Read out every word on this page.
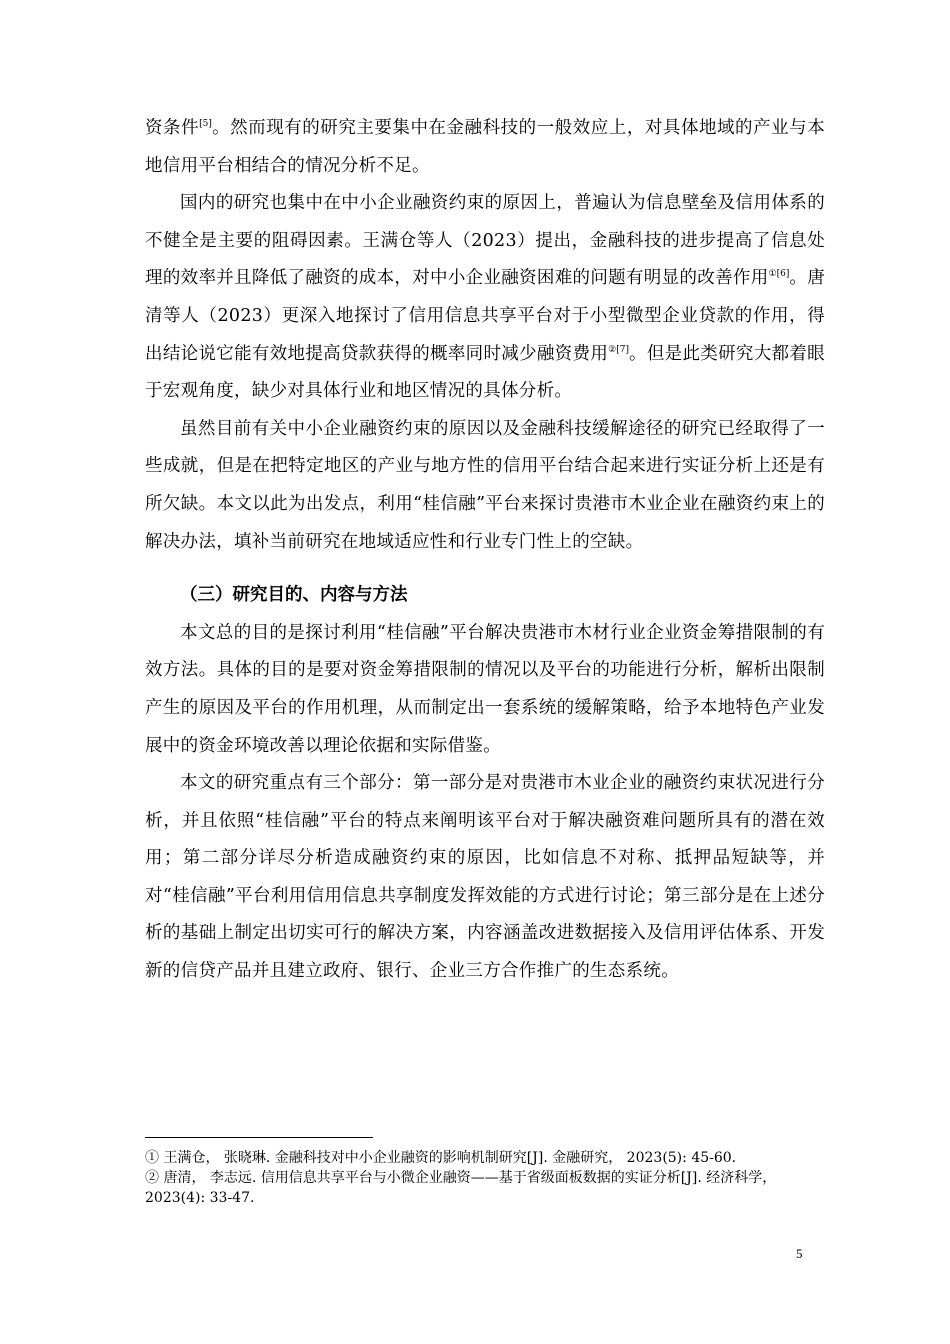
资条件[5]。然而现有的研究主要集中在金融科技的一般效应上，对具体地域的产业与本地信用平台相结合的情况分析不足。

国内的研究也集中在中小企业融资约束的原因上，普遍认为信息壁垒及信用体系的不健全是主要的阻碍因素。王满仓等人（2023）提出，金融科技的进步提高了信息处理的效率并且降低了融资的成本，对中小企业融资困难的问题有明显的改善作用$^{①[6]}$。唐清等人（2023）更深入地探讨了信用信息共享平台对于小型微型企业贷款的作用，得出结论说它能有效地提高贷款获得的概率同时减少融资费用$^{②[7]}$。但是此类研究大都着眼于宏观角度，缺少对具体行业和地区情况的具体分析。

虽然目前有关中小企业融资约束的原因以及金融科技缓解途径的研究已经取得了一些成就，但是在把特定地区的产业与地方性的信用平台结合起来进行实证分析上还是有所欠缺。本文以此为出发点，利用“桂信融”平台来探讨贵港市木业企业在融资约束上的解决办法，填补当前研究在地域适应性和行业专门性上的空缺。

（三）研究目的、内容与方法

本文总的目的是探讨利用“桂信融”平台解决贵港市木材行业企业资金筹措限制的有效方法。具体的目的是要对资金筹措限制的情况以及平台的功能进行分析，解析出限制产生的原因及平台的作用机理，从而制定出一套系统的缓解策略，给予本地特色产业发展中的资金环境改善以理论依据和实际借鉴。

本文的研究重点有三个部分：第一部分是对贵港市木业企业的融资约束状况进行分析，并且依照“桂信融”平台的特点来阐明该平台对于解决融资难问题所具有的潜在效用；第二部分详尽分析造成融资约束的原因，比如信息不对称、抵押品短缺等，并对“桂信融”平台利用信用信息共享制度发挥效能的方式进行讨论；第三部分是在上述分析的基础上制定出切实可行的解决方案，内容涵盖改进数据接入及信用评估体系、开发新的信贷产品并且建立政府、银行、企业三方合作推广的生态系统。

① 王满仓， 张晓琳. 金融科技对中小企业融资的影响机制研究[J]. 金融研究， 2023(5): 45-60.

② 唐清， 李志远. 信用信息共享平台与小微企业融资——基于省级面板数据的实证分析[J]. 经济科学， 2023(4): 33-47.

5
